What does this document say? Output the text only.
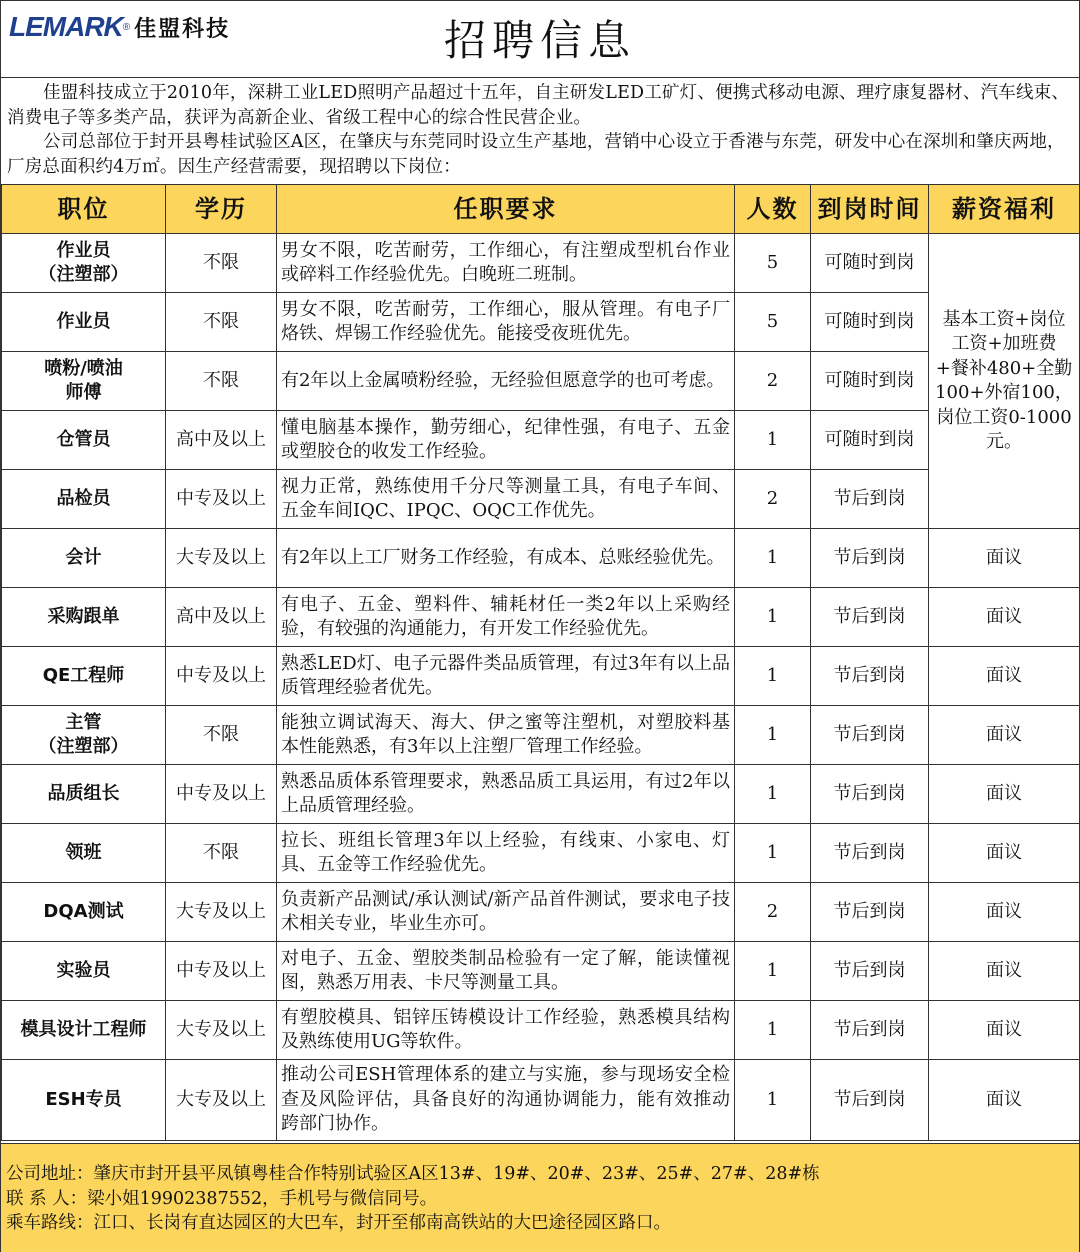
LEMARK ® 佳盟科技	招聘信息

佳盟科技成立于2010年，深耕工业LED照明产品超过十五年，自主研发LED工矿灯、便携式移动电源、理疗康复器材、汽车线束、消费电子等多类产品，获评为高新企业、省级工程中心的综合性民营企业。

公司总部位于封开县粤桂试验区A区，在肇庆与东莞同时设立生产基地，营销中心设立于香港与东莞，研发中心在深圳和肇庆两地，厂房总面积约4万㎡。因生产经营需要，现招聘以下岗位：

职位	学历	任职要求	人数	到岗时间	薪资福利
作业员
（注塑部）	不限	男女不限，吃苦耐劳，工作细心，有注塑成型机台作业或碎料工作经验优先。白晚班二班制。	5	可随时到岗	基本工资+岗位工资+加班费+餐补480+全勤100+外宿100，岗位工资0-1000元。
作业员	不限	男女不限，吃苦耐劳，工作细心，服从管理。有电子厂烙铁、焊锡工作经验优先。能接受夜班优先。	5	可随时到岗	
喷粉/喷油
师傅	不限	有2年以上金属喷粉经验，无经验但愿意学的也可考虑。	2	可随时到岗	
仓管员	高中及以上	懂电脑基本操作，勤劳细心，纪律性强，有电子、五金或塑胶仓的收发工作经验。	1	可随时到岗	
品检员	中专及以上	视力正常，熟练使用千分尺等测量工具，有电子车间、五金车间IQC、IPQC、OQC工作优先。	2	节后到岗	
会计	大专及以上	有2年以上工厂财务工作经验，有成本、总账经验优先。	1	节后到岗	面议
采购跟单	高中及以上	有电子、五金、塑料件、辅耗材任一类2年以上采购经验，有较强的沟通能力，有开发工作经验优先。	1	节后到岗	面议
QE工程师	中专及以上	熟悉LED灯、电子元器件类品质管理，有过3年有以上品质管理经验者优先。	1	节后到岗	面议
主管
（注塑部）	不限	能独立调试海天、海大、伊之蜜等注塑机，对塑胶料基本性能熟悉，有3年以上注塑厂管理工作经验。	1	节后到岗	面议
品质组长	中专及以上	熟悉品质体系管理要求，熟悉品质工具运用，有过2年以上品质管理经验。	1	节后到岗	面议
领班	不限	拉长、班组长管理3年以上经验，有线束、小家电、灯具、五金等工作经验优先。	1	节后到岗	面议
DQA测试	大专及以上	负责新产品测试/承认测试/新产品首件测试，要求电子技术相关专业，毕业生亦可。	2	节后到岗	面议
实验员	中专及以上	对电子、五金、塑胶类制品检验有一定了解，能读懂视图，熟悉万用表、卡尺等测量工具。	1	节后到岗	面议
模具设计工程师	大专及以上	有塑胶模具、铝锌压铸模设计工作经验，熟悉模具结构及熟练使用UG等软件。	1	节后到岗	面议
ESH专员	大专及以上	推动公司ESH管理体系的建立与实施，参与现场安全检查及风险评估，具备良好的沟通协调能力，能有效推动跨部门协作。	1	节后到岗	面议
公司地址：肇庆市封开县平凤镇粤桂合作特别试验区A区13#、19#、20#、23#、25#、27#、28#栋
联 系 人：梁小姐19902387552，手机号与微信同号。
乘车路线：江口、长岗有直达园区的大巴车，封开至郁南高铁站的大巴途径园区路口。
